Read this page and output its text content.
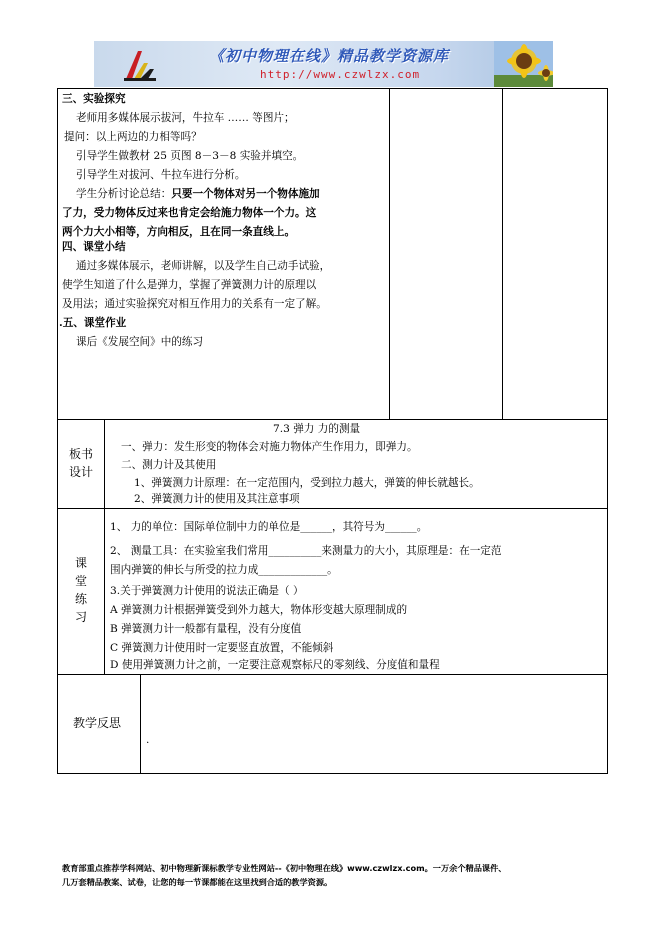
《初中物理在线》精品教学资源库
http://www.czwlzx.com
三、实验探究
老师用多媒体展示拔河，牛拉车 …… 等图片；
提问：以上两边的力相等吗？
引导学生做教材 25 页图 8－3－8 实验并填空。
引导学生对拔河、牛拉车进行分析。
学生分析讨论总结：只要一个物体对另一个物体施加
了力，受力物体反过来也肯定会给施力物体一个力。这
两个力大小相等，方向相反，且在同一条直线上。
四、课堂小结
通过多媒体展示，老师讲解，以及学生自己动手试验，
使学生知道了什么是弹力，掌握了弹簧测力计的原理以
及用法；通过实验探究对相互作用力的关系有一定了解。
.五、课堂作业
课后《发展空间》中的练习
板书
设计
7.3 弹力 力的测量
一、弹力：发生形变的物体会对施力物体产生作用力，即弹力。
二、测力计及其使用
1、弹簧测力计原理：在一定范围内，受到拉力越大，弹簧的伸长就越长。
2、弹簧测力计的使用及其注意事项
课
堂
练
习
1、 力的单位：国际单位制中力的单位是______，其符号为______。
2、 测量工具：在实验室我们常用__________来测量力的大小，其原理是：在一定范
围内弹簧的伸长与所受的拉力成_____________。
3.关于弹簧测力计使用的说法正确是（ ）
A 弹簧测力计根据弹簧受到外力越大，物体形变越大原理制成的
B 弹簧测力计一般都有量程，没有分度值
C 弹簧测力计使用时一定要竖直放置，不能倾斜
D 使用弹簧测力计之前，一定要注意观察标尺的零刻线、分度值和量程
教学反思
.
教育部重点推荐学科网站、初中物理新课标教学专业性网站--《初中物理在线》www.czwlzx.com。一万余个精品课件、
几万套精品教案、试卷，让您的每一节课都能在这里找到合适的教学资源。
